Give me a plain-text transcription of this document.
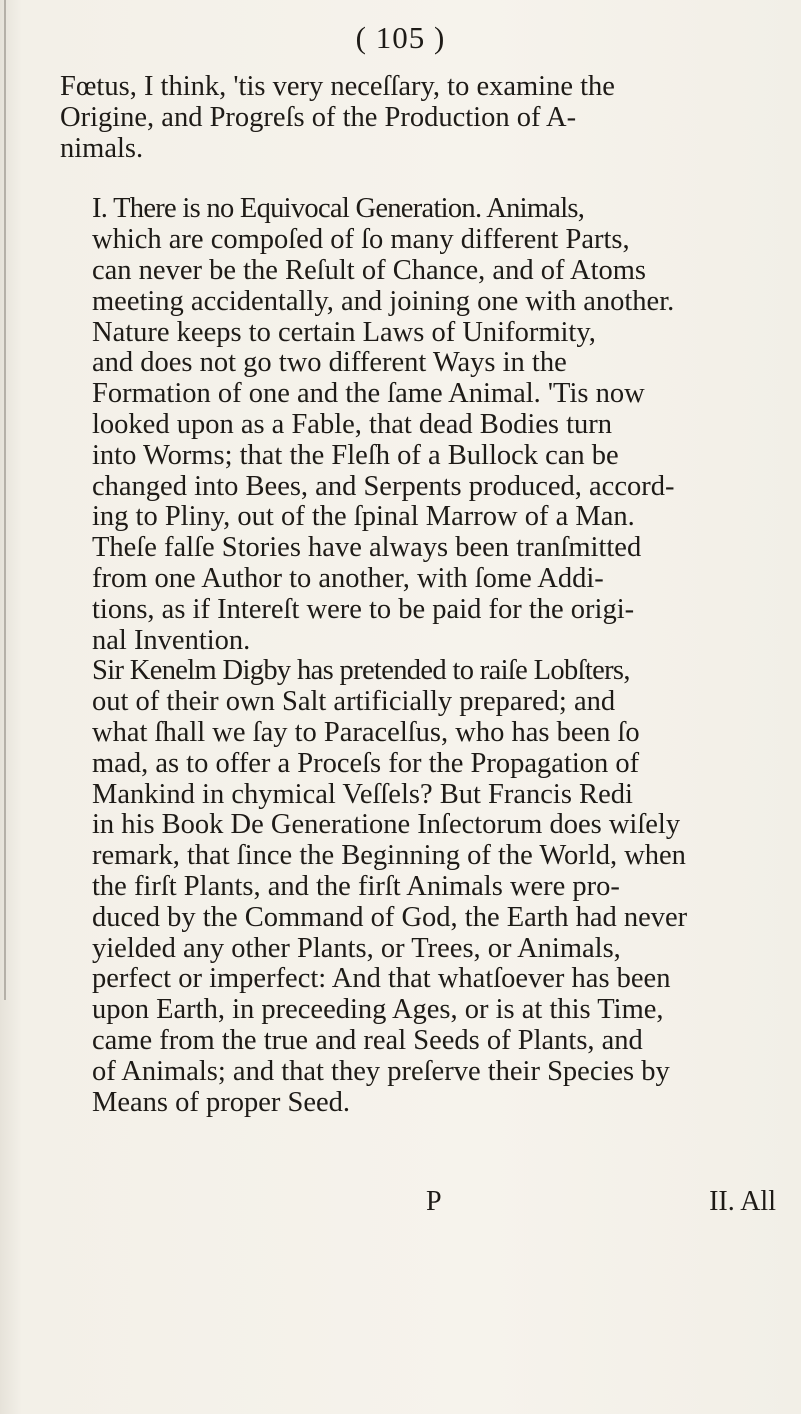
( 105 )

Fœtus, I think, 'tis very neceſſary, to examine the
Origine, and Progreſs of the Production of A-
nimals.

I. There is no Equivocal Generation. Animals,
which are compoſed of ſo many different Parts,
can never be the Reſult of Chance, and of Atoms
meeting accidentally, and joining one with another.
Nature keeps to certain Laws of Uniformity,
and does not go two different Ways in the
Formation of one and the ſame Animal. 'Tis now
looked upon as a Fable, that dead Bodies turn
into Worms; that the Fleſh of a Bullock can be
changed into Bees, and Serpents produced, accord-
ing to Pliny, out of the ſpinal Marrow of a Man.
Theſe falſe Stories have always been tranſmitted
from one Author to another, with ſome Addi-
tions, as if Intereſt were to be paid for the origi-
nal Invention.

Sir Kenelm Digby has pretended to raiſe Lobſters,
out of their own Salt artificially prepared; and
what ſhall we ſay to Paracelſus, who has been ſo
mad, as to offer a Proceſs for the Propagation of
Mankind in chymical Veſſels? But Francis Redi
in his Book De Generatione Inſectorum does wiſely
remark, that ſince the Beginning of the World, when
the firſt Plants, and the firſt Animals were pro-
duced by the Command of God, the Earth had never
yielded any other Plants, or Trees, or Animals,
perfect or imperfect: And that whatſoever has been
upon Earth, in preceeding Ages, or is at this Time,
came from the true and real Seeds of Plants, and
of Animals; and that they preſerve their Species by
Means of proper Seed.

P	II. All
